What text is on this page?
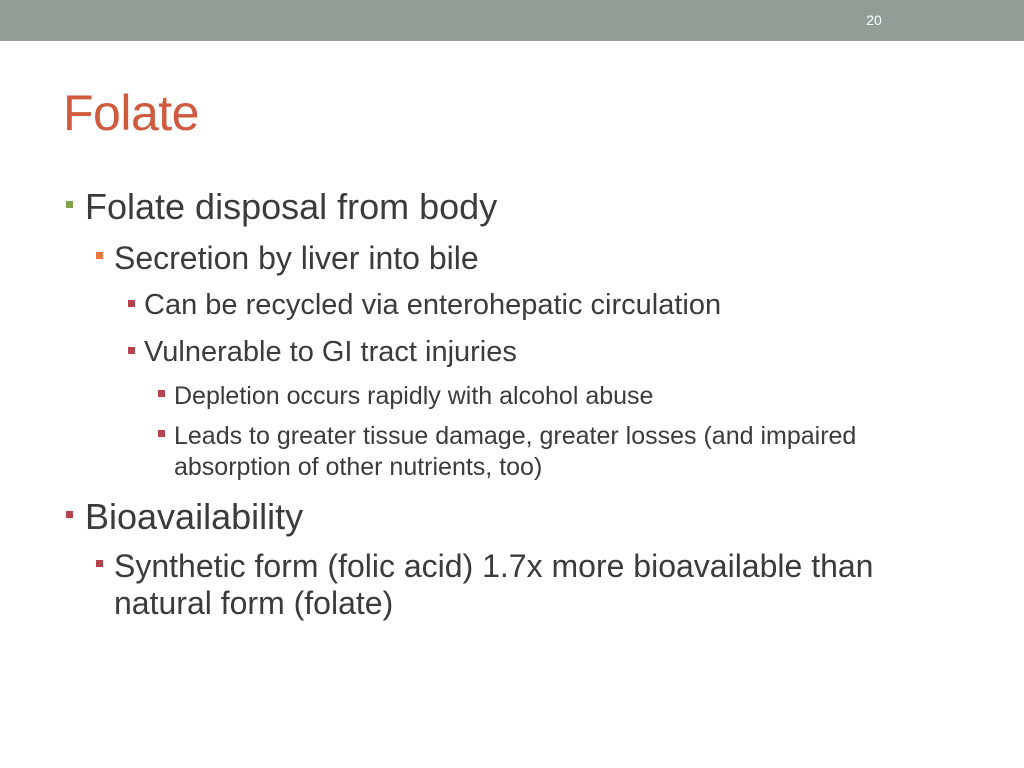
20
Folate
Folate disposal from body
Secretion by liver into bile
Can be recycled via enterohepatic circulation
Vulnerable to GI tract injuries
Depletion occurs rapidly with alcohol abuse
Leads to greater tissue damage, greater losses (and impaired absorption of other nutrients, too)
Bioavailability
Synthetic form (folic acid) 1.7x more bioavailable than natural form (folate)
